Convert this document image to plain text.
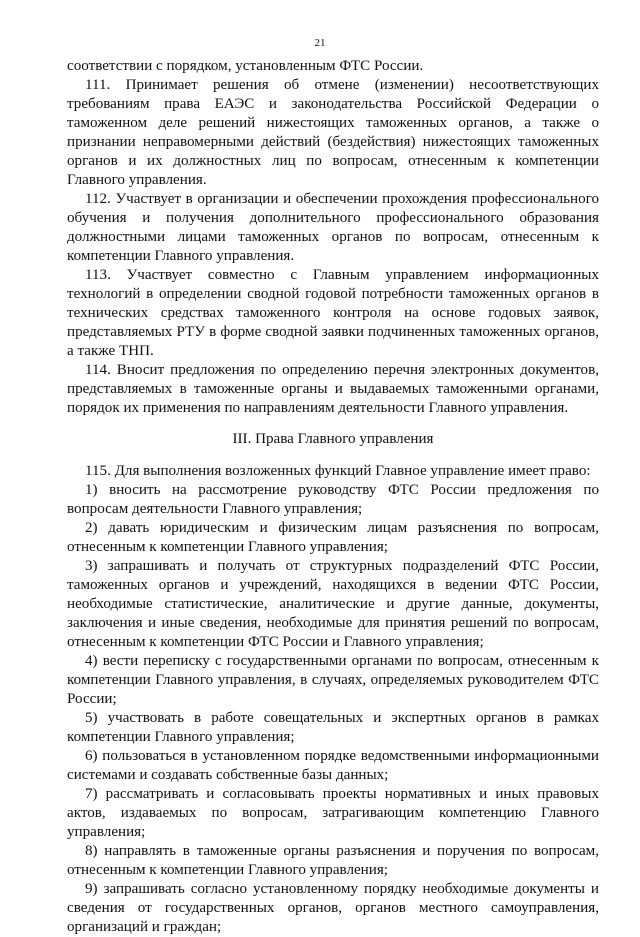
21

соответствии с порядком, установленным ФТС России.

111. Принимает решения об отмене (изменении) несоответствующих требованиям права ЕАЭС и законодательства Российской Федерации о таможенном деле решений нижестоящих таможенных органов, а также о признании неправомерными действий (бездействия) нижестоящих таможенных органов и их должностных лиц по вопросам, отнесенным к компетенции Главного управления.

112. Участвует в организации и обеспечении прохождения профессионального обучения и получения дополнительного профессионального образования должностными лицами таможенных органов по вопросам, отнесенным к компетенции Главного управления.

113. Участвует совместно с Главным управлением информационных технологий в определении сводной годовой потребности таможенных органов в технических средствах таможенного контроля на основе годовых заявок, представляемых РТУ в форме сводной заявки подчиненных таможенных органов, а также ТНП.

114. Вносит предложения по определению перечня электронных документов, представляемых в таможенные органы и выдаваемых таможенными органами, порядок их применения по направлениям деятельности Главного управления.

III. Права Главного управления

115. Для выполнения возложенных функций Главное управление имеет право:

1) вносить на рассмотрение руководству ФТС России предложения по вопросам деятельности Главного управления;

2) давать юридическим и физическим лицам разъяснения по вопросам, отнесенным к компетенции Главного управления;

3) запрашивать и получать от структурных подразделений ФТС России, таможенных органов и учреждений, находящихся в ведении ФТС России, необходимые статистические, аналитические и другие данные, документы, заключения и иные сведения, необходимые для принятия решений по вопросам, отнесенным к компетенции ФТС России и Главного управления;

4) вести переписку с государственными органами по вопросам, отнесенным к компетенции Главного управления, в случаях, определяемых руководителем ФТС России;

5) участвовать в работе совещательных и экспертных органов в рамках компетенции Главного управления;

6) пользоваться в установленном порядке ведомственными информационными системами и создавать собственные базы данных;

7) рассматривать и согласовывать проекты нормативных и иных правовых актов, издаваемых по вопросам, затрагивающим компетенцию Главного управления;

8) направлять в таможенные органы разъяснения и поручения по вопросам, отнесенным к компетенции Главного управления;

9) запрашивать согласно установленному порядку необходимые документы и сведения от государственных органов, органов местного самоуправления, организаций и граждан;
